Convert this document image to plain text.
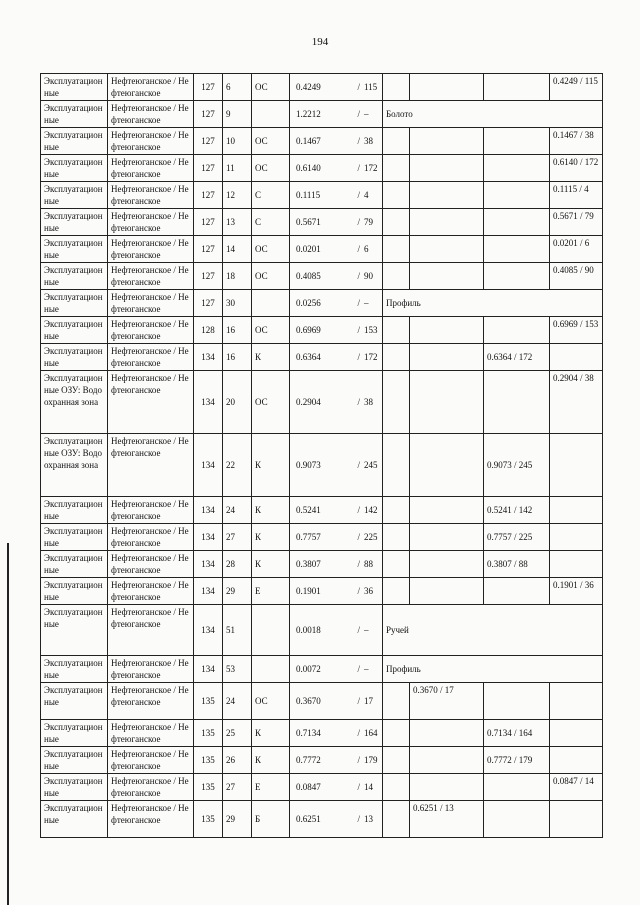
194
Эксплуатационные	Нефтеюганское / Нефтеюганское	127	6	ОС	0.4249 / 115				0.4249 / 115
Эксплуатационные	Нефтеюганское / Нефтеюганское	127	9		1.2212 / –	Болото			
Эксплуатационные	Нефтеюганское / Нефтеюганское	127	10	ОС	0.1467 / 38				0.1467 / 38
Эксплуатационные	Нефтеюганское / Нефтеюганское	127	11	ОС	0.6140 / 172				0.6140 / 172
Эксплуатационные	Нефтеюганское / Нефтеюганское	127	12	С	0.1115 / 4				0.1115 / 4
Эксплуатационные	Нефтеюганское / Нефтеюганское	127	13	С	0.5671 / 79				0.5671 / 79
Эксплуатационные	Нефтеюганское / Нефтеюганское	127	14	ОС	0.0201 / 6				0.0201 / 6
Эксплуатационные	Нефтеюганское / Нефтеюганское	127	18	ОС	0.4085 / 90				0.4085 / 90
Эксплуатационные	Нефтеюганское / Нефтеюганское	127	30		0.0256 / –	Профиль			
Эксплуатационные	Нефтеюганское / Нефтеюганское	128	16	ОС	0.6969 / 153				0.6969 / 153
Эксплуатационные	Нефтеюганское / Нефтеюганское	134	16	К	0.6364 / 172			0.6364 / 172	
Эксплуатационные ОЗУ: Водоохранная зона	Нефтеюганское / Нефтеюганское	134	20	ОС	0.2904 / 38				0.2904 / 38
Эксплуатационные ОЗУ: Водоохранная зона	Нефтеюганское / Нефтеюганское	134	22	К	0.9073 / 245			0.9073 / 245	
Эксплуатационные	Нефтеюганское / Нефтеюганское	134	24	К	0.5241 / 142			0.5241 / 142	
Эксплуатационные	Нефтеюганское / Нефтеюганское	134	27	К	0.7757 / 225			0.7757 / 225	
Эксплуатационные	Нефтеюганское / Нефтеюганское	134	28	К	0.3807 / 88			0.3807 / 88	
Эксплуатационные	Нефтеюганское / Нефтеюганское	134	29	Е	0.1901 / 36				0.1901 / 36
Эксплуатационные	Нефтеюганское / Нефтеюганское	134	51		0.0018 / –	Ручей			
Эксплуатационные	Нефтеюганское / Нефтеюганское	134	53		0.0072 / –	Профиль			
Эксплуатационные	Нефтеюганское / Нефтеюганское	135	24	ОС	0.3670 / 17		0.3670 / 17		
Эксплуатационные	Нефтеюганское / Нефтеюганское	135	25	К	0.7134 / 164			0.7134 / 164	
Эксплуатационные	Нефтеюганское / Нефтеюганское	135	26	К	0.7772 / 179			0.7772 / 179	
Эксплуатационные	Нефтеюганское / Нефтеюганское	135	27	Е	0.0847 / 14				0.0847 / 14
Эксплуатационные	Нефтеюганское / Нефтеюганское	135	29	Б	0.6251 / 13		0.6251 / 13		
